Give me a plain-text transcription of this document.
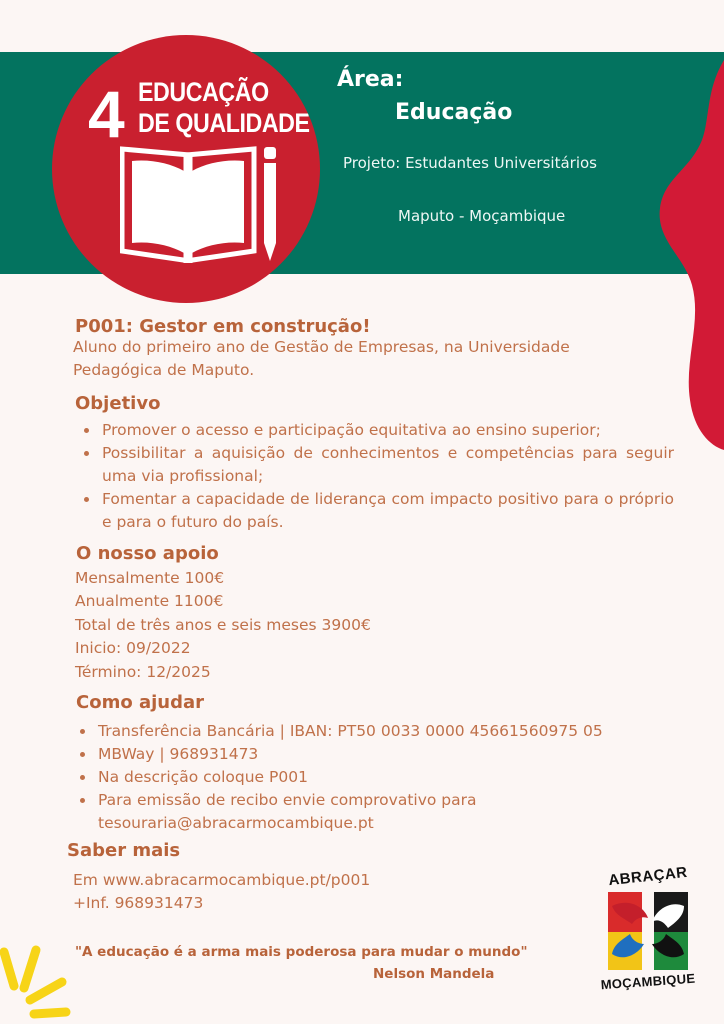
4 EDUCAÇÃO
DE QUALIDADE
Área:
Educação
Projeto: Estudantes Universitários
Maputo - Moçambique
P001: Gestor em construção!
Aluno do primeiro ano de Gestão de Empresas, na Universidade Pedagógica de Maputo.
Objetivo
Promover o acesso e participação equitativa ao ensino superior;
Possibilitar a aquisição de conhecimentos e competências para seguir uma via profissional;
Fomentar a capacidade de liderança com impacto positivo para o próprio e para o futuro do país.
O nosso apoio
Mensalmente 100€
Anualmente 1100€
Total de três anos e seis meses 3900€
Inicio: 09/2022
Término: 12/2025
Como ajudar
Transferência Bancária | IBAN: PT50 0033 0000 45661560975 05
MBWay | 968931473
Na descrição coloque P001
Para emissão de recibo envie comprovativo para tesouraria@abracarmocambique.pt
Saber mais
Em www.abracarmocambique.pt/p001
+Inf. 968931473
"A educação é a arma mais poderosa para mudar o mundo"
Nelson Mandela
ABRAÇAR
MOÇAMBIQUE
